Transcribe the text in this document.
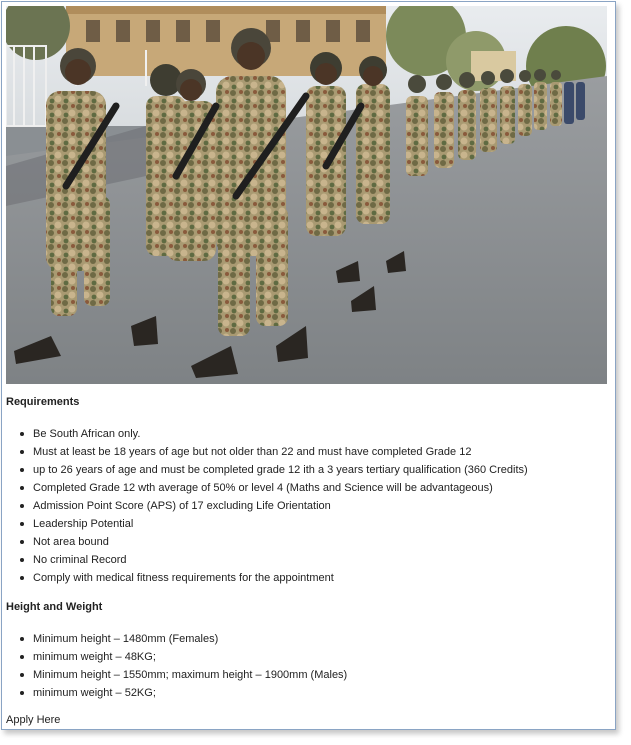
Requirements
Be South African only.
Must at least be 18 years of age but not older than 22 and must have completed Grade 12
up to 26 years of age and must be completed grade 12 ith a 3 years tertiary qualification (360 Credits)
Completed Grade 12 wth average of 50% or level 4 (Maths and Science will be advantageous)
Admission Point Score (APS) of 17 excluding Life Orientation
Leadership Potential
Not area bound
No criminal Record
Comply with medical fitness requirements for the appointment
Height and Weight
Minimum height – 1480mm (Females)
minimum weight – 48KG;
Minimum height – 1550mm; maximum height – 1900mm (Males)
minimum weight – 52KG;
Apply Here
